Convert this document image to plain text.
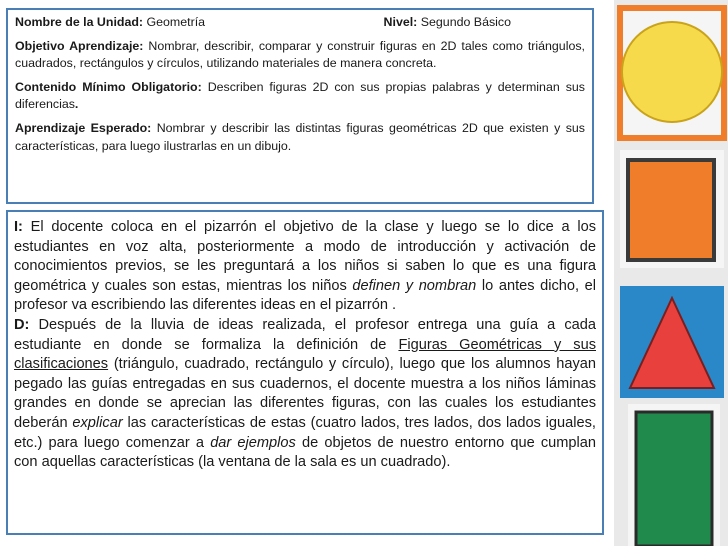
Nombre de la Unidad: Geometría	Nivel: Segundo Básico

Objetivo Aprendizaje: Nombrar, describir, comparar y construir figuras en 2D tales como triángulos, cuadrados, rectángulos y círculos, utilizando materiales de manera concreta.

Contenido Mínimo Obligatorio: Describen figuras 2D con sus propias palabras y determinan sus diferencias.

Aprendizaje Esperado: Nombrar y describir las distintas figuras geométricas 2D que existen y sus características, para luego ilustrarlas en un dibujo.

I: El docente coloca en el pizarrón el objetivo de la clase y luego se lo dice a los estudiantes en voz alta, posteriormente a modo de introducción y activación de conocimientos previos, se les preguntará a los niños si saben lo que es una figura geométrica y cuales son estas, mientras los niños definen y nombran lo antes dicho, el profesor va escribiendo las diferentes ideas en el pizarrón .

D: Después de la lluvia de ideas realizada, el profesor entrega una guía a cada estudiante en donde se formaliza la definición de Figuras Geométricas y sus clasificaciones (triángulo, cuadrado, rectángulo y círculo), luego que los alumnos hayan pegado las guías entregadas en sus cuadernos, el docente muestra a los niños láminas grandes en donde se aprecian las diferentes figuras, con las cuales los estudiantes deberán explicar las características de estas (cuatro lados, tres lados, dos lados iguales, etc.) para luego comenzar a dar ejemplos de objetos de nuestro entorno que cumplan con aquellas características (la ventana de la sala es un cuadrado).
